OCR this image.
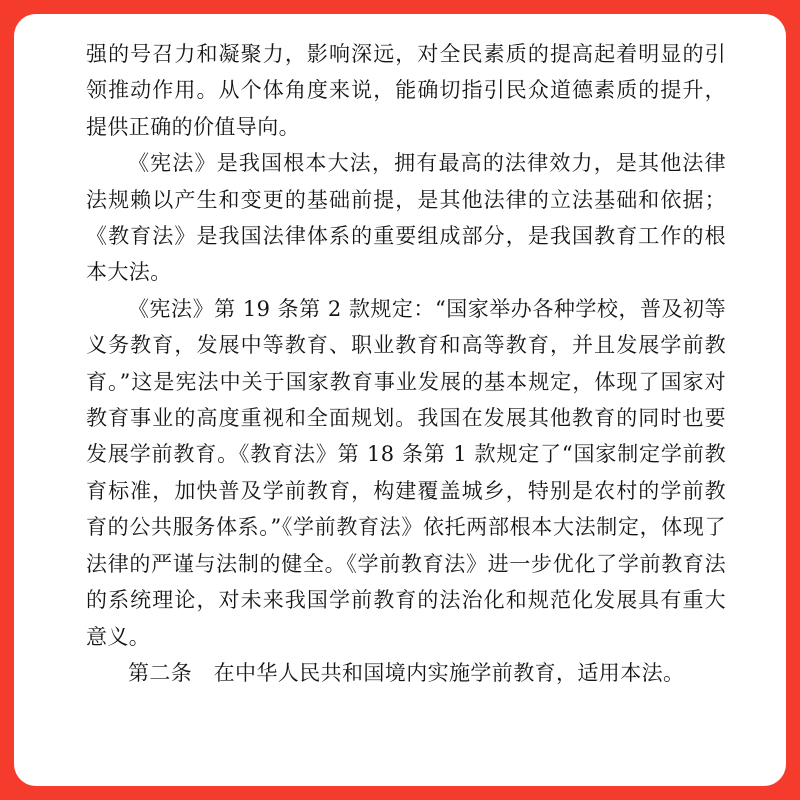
强的号召力和凝聚力，影响深远，对全民素质的提高起着明显的引领推动作用。从个体角度来说，能确切指引民众道德素质的提升，提供正确的价值导向。

《宪法》是我国根本大法，拥有最高的法律效力，是其他法律法规赖以产生和变更的基础前提，是其他法律的立法基础和依据；《教育法》是我国法律体系的重要组成部分，是我国教育工作的根本大法。

《宪法》第 19 条第 2 款规定：“国家举办各种学校，普及初等义务教育，发展中等教育、职业教育和高等教育，并且发展学前教育。”这是宪法中关于国家教育事业发展的基本规定，体现了国家对教育事业的高度重视和全面规划。我国在发展其他教育的同时也要发展学前教育。《教育法》第 18 条第 1 款规定了“国家制定学前教育标准，加快普及学前教育，构建覆盖城乡，特别是农村的学前教育的公共服务体系。”《学前教育法》依托两部根本大法制定，体现了法律的严谨与法制的健全。《学前教育法》进一步优化了学前教育法的系统理论，对未来我国学前教育的法治化和规范化发展具有重大意义。

第二条　在中华人民共和国境内实施学前教育，适用本法。
